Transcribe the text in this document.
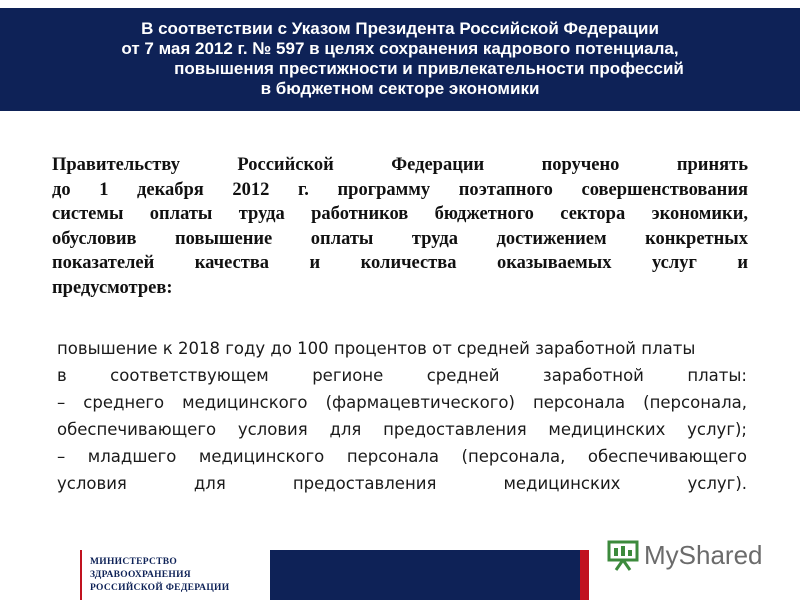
В соответствии с Указом Президента Российской Федерации
от 7 мая 2012 г. № 597 в целях сохранения кадрового потенциала,
повышения престижности и привлекательности профессий
в бюджетном секторе экономики
Правительству Российской Федерации поручено принять
до 1 декабря 2012 г. программу поэтапного совершенствования
системы оплаты труда работников бюджетного сектора экономики,
обусловив повышение оплаты труда достижением конкретных
показателей качества и количества оказываемых услуг и
предусмотрев:
повышение к 2018 году до 100 процентов от средней заработной платы
в соответствующем регионе средней заработной платы:
– среднего медицинского (фармацевтического) персонала (персонала,
обеспечивающего условия для предоставления медицинских услуг);
– младшего медицинского персонала (персонала, обеспечивающего
условия для предоставления медицинских услуг).
МИНИСТЕРСТВО
ЗДРАВООХРАНЕНИЯ
РОССИЙСКОЙ ФЕДЕРАЦИИ
MyShared
